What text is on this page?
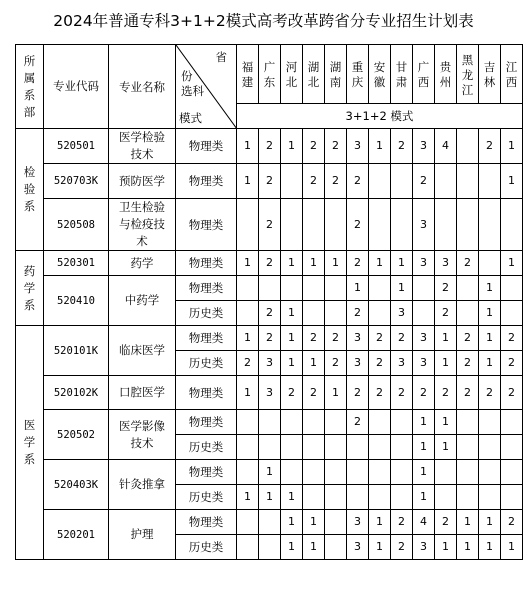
2024年普通专科3+1+2模式高考改革跨省分专业招生计划表
所属系部	专业代码	专业名称	省
份
选科
模式	福建	广东	河北	湖北	湖南	重庆	安徽	甘肃	广西	贵州	黑龙江	吉林	江西
				3+1+2 模式												
检验系	520501	医学检验技术	物理类	1	2	1	2	2	3	1	2	3	4		2	1
	520703K	预防医学	物理类	1	2		2	2	2			2				1
	520508	卫生检验与检疫技术	物理类		2				2			3				
药学系	520301	药学	物理类	1	2	1	1	1	2	1	1	3	3	2		1
	520410	中药学	物理类						1		1		2		1	
			历史类		2	1			2		3		2		1	
医学系	520101K	临床医学	物理类	1	2	1	2	2	3	2	2	3	1	2	1	2
			历史类	2	3	1	1	2	3	2	3	3	1	2	1	2
	520102K	口腔医学	物理类	1	3	2	2	1	2	2	2	2	2	2	2	2
	520502	医学影像技术	物理类						2			1	1			
			历史类									1	1			
	520403K	针灸推拿	物理类		1							1				
			历史类	1	1	1						1				
	520201	护理	物理类			1	1		3	1	2	4	2	1	1	2
			历史类			1	1		3	1	2	3	1	1	1	1
